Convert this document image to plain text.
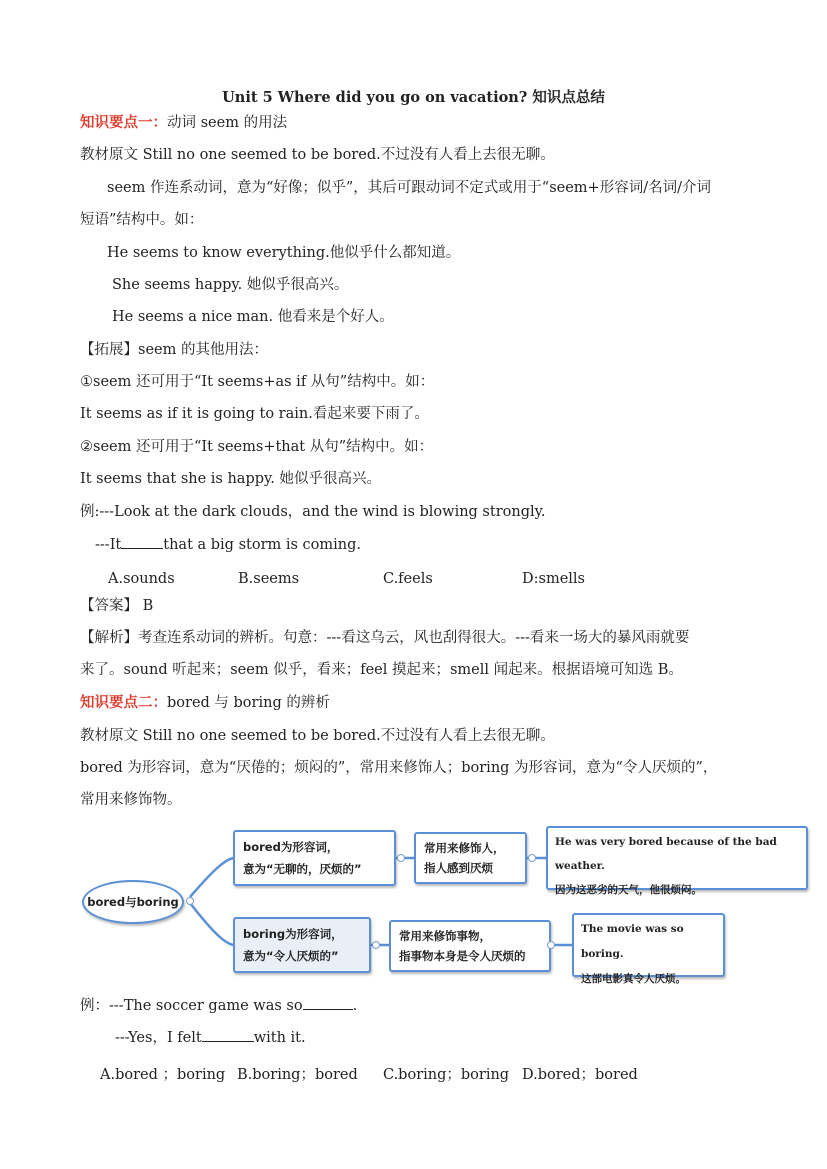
Unit 5 Where did you go on vacation? 知识点总结
知识要点一：动词 seem 的用法
教材原文 Still no one seemed to be bored.不过没有人看上去很无聊。
seem 作连系动词，意为“好像；似乎”，其后可跟动词不定式或用于“seem+形容词/名词/介词
短语”结构中。如：
He seems to know everything.他似乎什么都知道。
She seems happy. 她似乎很高兴。
He seems a nice man. 他看来是个好人。
【拓展】seem 的其他用法：
①seem 还可用于“It seems+as if 从句”结构中。如：
It seems as if it is going to rain.看起来要下雨了。
②seem 还可用于“It seems+that 从句”结构中。如：
It seems that she is happy. 她似乎很高兴。
例:---Look at the dark clouds，and the wind is blowing strongly.
---It	that a big storm is coming.
A.sounds	B.seems	C.feels	D:smells
【答案】 B
【解析】考查连系动词的辨析。句意：---看这乌云，风也刮得很大。---看来一场大的暴风雨就要
来了。sound 听起来；seem 似乎，看来；feel 摸起来；smell 闻起来。根据语境可知选 B。
知识要点二：bored 与 boring 的辨析
教材原文 Still no one seemed to be bored.不过没有人看上去很无聊。
bored 为形容词，意为“厌倦的；烦闷的”，常用来修饰人；boring 为形容词，意为“令人厌烦的”，
常用来修饰物。
bored与boring
bored为形容词，
意为“无聊的，厌烦的”
常用来修饰人，
指人感到厌烦
He was very bored because of the bad weather.
因为这恶劣的天气，他很烦闷。
boring为形容词，
意为“令人厌烦的”
常用来修饰事物，
指事物本身是令人厌烦的
The movie was so boring.
这部电影真令人厌烦。
例：---The soccer game was so	.
---Yes，I felt	with it.
A.bored ；boring B.boring；bored C.boring；boring D.bored；bored
